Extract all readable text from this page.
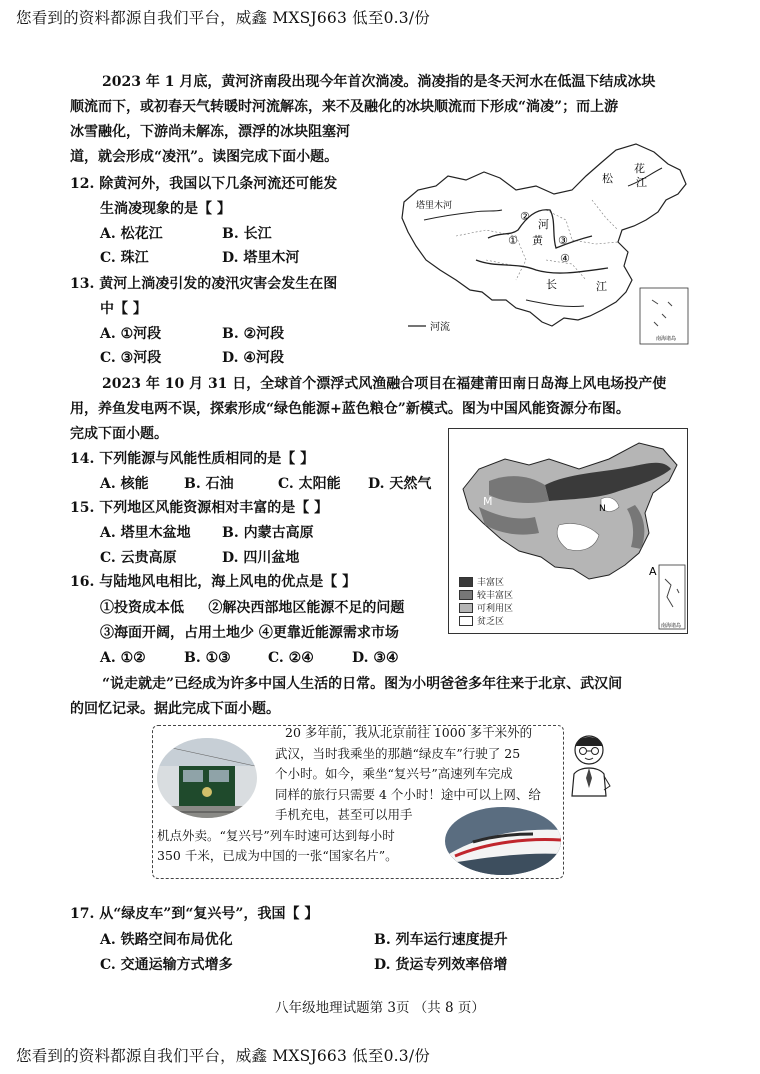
您看到的资料都源自我们平台，威鑫 MXSJ663 低至0.3/份
2023 年 1 月底，黄河济南段出现今年首次淌凌。淌凌指的是冬天河水在低温下结成冰块
顺流而下，或初春天气转暖时河流解冻，来不及融化的冰块顺流而下形成“淌凌”；而上游
冰雪融化，下游尚未解冻，漂浮的冰块阻塞河
道，就会形成“凌汛”。读图完成下面小题。
12. 除黄河外，我国以下几条河流还可能发
生淌凌现象的是【 】
A. 松花江	B. 长江
C. 珠江	D. 塔里木河
13. 黄河上淌凌引发的凌汛灾害会发生在图
中【 】
A. ①河段	B. ②河段
C. ③河段	D. ④河段
松
花
江
塔里木河
黄
河
长	江
①
②
③
④
河流
南海诸岛
2023 年 10 月 31 日，全球首个漂浮式风渔融合项目在福建莆田南日岛海上风电场投产使
用，养鱼发电两不误，探索形成“绿色能源+蓝色粮仓”新模式。图为中国风能资源分布图。
完成下面小题。
M
N
A
南海诸岛
丰富区
较丰富区
可利用区
贫乏区
14. 下列能源与风能性质相同的是【 】
A. 核能	B. 石油	C. 太阳能 D. 天然气
15. 下列地区风能资源相对丰富的是【 】
A. 塔里木盆地 B. 内蒙古高原
C. 云贵高原	D. 四川盆地
16. 与陆地风电相比，海上风电的优点是【 】
①投资成本低     ②解决西部地区能源不足的问题
③海面开阔，占用土地少 ④更靠近能源需求市场
A. ①②	B. ①③	C. ②④	D. ③④
“说走就走”已经成为许多中国人生活的日常。图为小明爸爸多年往来于北京、武汉间
的回忆记录。据此完成下面小题。
20 多年前，我从北京前往 1000 多千米外的
武汉，当时我乘坐的那趟“绿皮车”行驶了 25
个小时。如今，乘坐“复兴号”高速列车完成
同样的旅行只需要 4 个小时！途中可以上网、给
手机充电，甚至可以用手
机点外卖。“复兴号”列车时速可达到每小时
350 千米，已成为中国的一张“国家名片”。
17. 从“绿皮车”到“复兴号”，我国【 】
A. 铁路空间布局优化	B. 列车运行速度提升
C. 交通运输方式增多	D. 货运专列效率倍增
八年级地理试题第 3页 （共 8 页）
您看到的资料都源自我们平台，威鑫 MXSJ663 低至0.3/份
